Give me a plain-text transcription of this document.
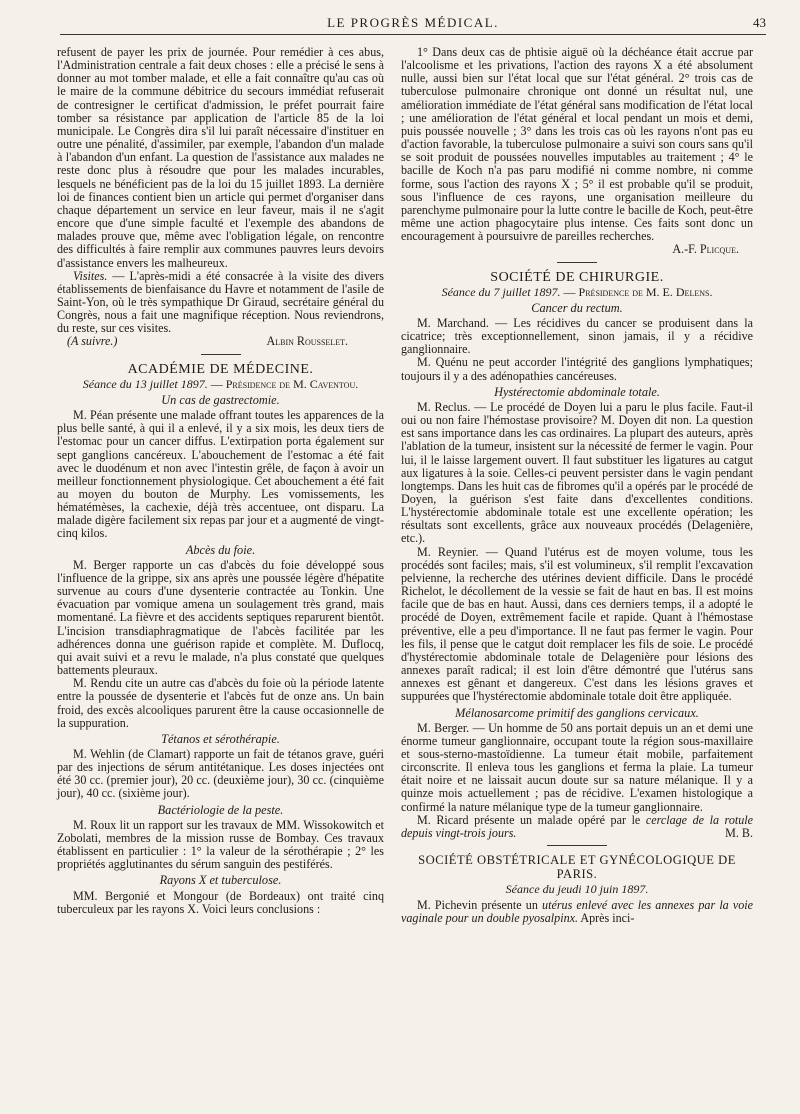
LE PROGRÈS MÉDICAL.	43

refusent de payer les prix de journée. Pour remédier à ces abus, l'Administration centrale a fait deux choses : elle a précisé le sens à donner au mot tomber malade, et elle a fait connaître qu'au cas où le maire de la commune débitrice du secours immédiat refuserait de contresigner le certificat d'admission, le préfet pourrait faire tomber sa résistance par application de l'article 85 de la loi municipale. Le Congrès dira s'il lui paraît nécessaire d'instituer en outre une pénalité, d'assimiler, par exemple, l'abandon d'un malade à l'abandon d'un enfant. La question de l'assistance aux malades ne reste donc plus à résoudre que pour les malades incurables, lesquels ne bénéficient pas de la loi du 15 juillet 1893. La dernière loi de finances contient bien un article qui permet d'organiser dans chaque département un service en leur faveur, mais il ne s'agit encore que d'une simple faculté et l'exemple des abandons de malades prouve que, même avec l'obligation légale, on rencontre des difficultés à faire remplir aux communes pauvres leurs devoirs d'assistance envers les malheureux.

Visites. — L'après-midi a été consacrée à la visite des divers établissements de bienfaisance du Havre et notamment de l'asile de Saint-Yon, où le très sympathique Dr Giraud, secrétaire général du Congrès, nous a fait une magnifique réception. Nous reviendrons, du reste, sur ces visites.

(A suivre.)	Albin Rousselet.
ACADÉMIE DE MÉDECINE.
Séance du 13 juillet 1897. — Présidence de M. Caventou.
Un cas de gastrectomie.

M. Péan présente une malade offrant toutes les apparences de la plus belle santé, à qui il a enlevé, il y a six mois, les deux tiers de l'estomac pour un cancer diffus. L'extirpation porta également sur sept ganglions cancéreux. L'abouchement de l'estomac a été fait avec le duodénum et non avec l'intestin grêle, de façon à avoir un meilleur fonctionnement physiologique. Cet abouchement a été fait au moyen du bouton de Murphy. Les vomissements, les hématémèses, la cachexie, déjà très accentuee, ont disparu. La malade digère facilement six repas par jour et a augmenté de vingt-cinq kilos.

Abcès du foie.

M. Berger rapporte un cas d'abcès du foie développé sous l'influence de la grippe, six ans après une poussée légère d'hépatite survenue au cours d'une dysenterie contractée au Tonkin. Une évacuation par vomique amena un soulagement très grand, mais momentané. La fièvre et des accidents septiques reparurent bientôt. L'incision transdiaphragmatique de l'abcès facilitée par les adhérences donna une guérison rapide et complète. M. Duflocq, qui avait suivi et a revu le malade, n'a plus constaté que quelques battements pleuraux.

M. Rendu cite un autre cas d'abcès du foie où la période latente entre la poussée de dysenterie et l'abcès fut de onze ans. Un bain froid, des excès alcooliques parurent être la cause occasionnelle de la suppuration.

Tétanos et sérothérapie.

M. Wehlin (de Clamart) rapporte un fait de tétanos grave, guéri par des injections de sérum antitétanique. Les doses injectées ont été 30 cc. (premier jour), 20 cc. (deuxième jour), 30 cc. (cinquième jour), 40 cc. (sixième jour).

Bactériologie de la peste.

M. Roux lit un rapport sur les travaux de MM. Wissokowitch et Zobolati, membres de la mission russe de Bombay. Ces travaux établissent en particulier : 1° la valeur de la sérothérapie ; 2° les propriétés agglutinantes du sérum sanguin des pestiférés.

Rayons X et tuberculose.

MM. Bergonié et Mongour (de Bordeaux) ont traité cinq tuberculeux par les rayons X. Voici leurs conclusions :

1° Dans deux cas de phtisie aiguë où la déchéance était accrue par l'alcoolisme et les privations, l'action des rayons X a été absolument nulle, aussi bien sur l'état local que sur l'état général. 2° trois cas de tuberculose pulmonaire chronique ont donné un résultat nul, une amélioration immédiate de l'état général sans modification de l'état local ; une amélioration de l'état général et local pendant un mois et demi, puis poussée nouvelle ; 3° dans les trois cas où les rayons n'ont pas eu d'action favorable, la tuberculose pulmonaire a suivi son cours sans qu'il se soit produit de poussées nouvelles imputables au traitement ; 4° le bacille de Koch n'a pas paru modifié ni comme nombre, ni comme forme, sous l'action des rayons X ; 5° il est probable qu'il se produit, sous l'influence de ces rayons, une organisation meilleure du parenchyme pulmonaire pour la lutte contre le bacille de Koch, peut-être même une action phagocytaire plus intense. Ces faits sont donc un encouragement à poursuivre de pareilles recherches.

A.-F. Plicque.
SOCIÉTÉ DE CHIRURGIE.
Séance du 7 juillet 1897. — Présidence de M. E. Delens.
Cancer du rectum.

M. Marchand. — Les récidives du cancer se produisent dans la cicatrice; très exceptionnellement, sinon jamais, il y a récidive ganglionnaire.

M. Quénu ne peut accorder l'intégrité des ganglions lymphatiques; toujours il y a des adénopathies cancéreuses.

Hystérectomie abdominale totale.

M. Reclus. — Le procédé de Doyen lui a paru le plus facile. Faut-il oui ou non faire l'hémostase provisoire? M. Doyen dit non. La question est sans importance dans les cas ordinaires. La plupart des auteurs, après l'ablation de la tumeur, insistent sur la nécessité de fermer le vagin. Pour lui, il le laisse largement ouvert. Il faut substituer les ligatures au catgut aux ligatures à la soie. Celles-ci peuvent persister dans le vagin pendant longtemps. Dans les huit cas de fibromes qu'il a opérés par le procédé de Doyen, la guérison s'est faite dans d'excellentes conditions. L'hystérectomie abdominale totale est une excellente opération; les résultats sont excellents, grâce aux nouveaux procédés (Delagenière, etc.).

M. Reynier. — Quand l'utérus est de moyen volume, tous les procédés sont faciles; mais, s'il est volumineux, s'il remplit l'excavation pelvienne, la recherche des utérines devient difficile. Dans le procédé Richelot, le décollement de la vessie se fait de haut en bas. Il est moins facile que de bas en haut. Aussi, dans ces derniers temps, il a adopté le procédé de Doyen, extrêmement facile et rapide. Quant à l'hémostase préventive, elle a peu d'importance. Il ne faut pas fermer le vagin. Pour les fils, il pense que le catgut doit remplacer les fils de soie. Le procédé d'hystérectomie abdominale totale de Delagenière pour lésions des annexes paraît radical; il est loin d'être démontré que l'utérus sans annexes est gênant et dangereux. C'est dans les lésions graves et suppurées que l'hystérectomie abdominale totale doit être appliquée.

Mélanosarcome primitif des ganglions cervicaux.

M. Berger. — Un homme de 50 ans portait depuis un an et demi une énorme tumeur ganglionnaire, occupant toute la région sous-maxillaire et sous-sterno-mastoïdienne. La tumeur était mobile, parfaitement circonscrite. Il enleva tous les ganglions et ferma la plaie. La tumeur était noire et ne laissait aucun doute sur sa nature mélanique. Il y a quinze mois actuellement ; pas de récidive. L'examen histologique a confirmé la nature mélanique type de la tumeur ganglionnaire.

M. Ricard présente un malade opéré par le cerclage de la rotule depuis vingt-trois jours.	M. B.

SOCIÉTÉ OBSTÉTRICALE ET GYNÉCOLOGIQUE DE PARIS.
Séance du jeudi 10 juin 1897.

M. Pichevin présente un utérus enlevé avec les annexes par la voie vaginale pour un double pyosalpinx. Après inci-
